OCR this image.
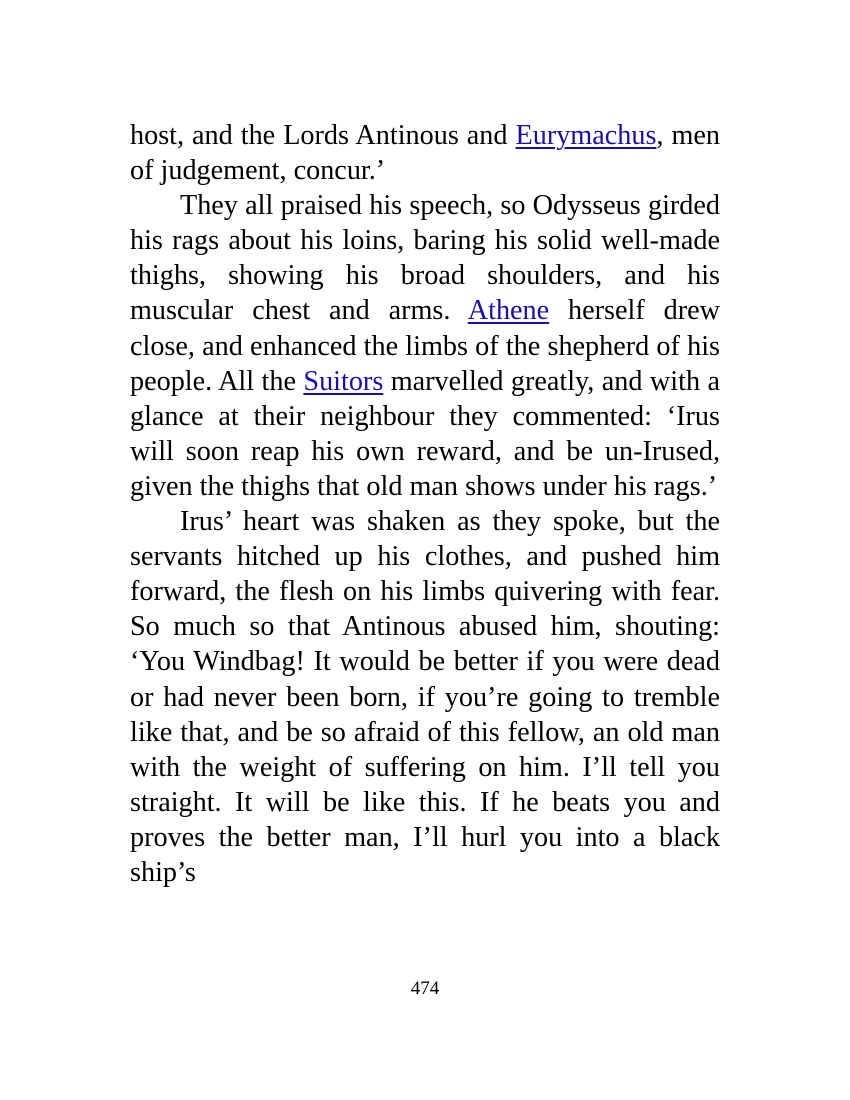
host, and the Lords Antinous and Eurymachus, men of judgement, concur.’

They all praised his speech, so Odysseus girded his rags about his loins, baring his solid well-made thighs, showing his broad shoulders, and his muscular chest and arms. Athene herself drew close, and enhanced the limbs of the shepherd of his people. All the Suitors marvelled greatly, and with a glance at their neighbour they commented: ‘Irus will soon reap his own reward, and be un-Irused, given the thighs that old man shows under his rags.’

Irus’ heart was shaken as they spoke, but the servants hitched up his clothes, and pushed him forward, the flesh on his limbs quivering with fear. So much so that Antinous abused him, shouting: ‘You Windbag! It would be better if you were dead or had never been born, if you’re going to tremble like that, and be so afraid of this fellow, an old man with the weight of suffering on him. I’ll tell you straight. It will be like this. If he beats you and proves the better man, I’ll hurl you into a black ship’s

474
